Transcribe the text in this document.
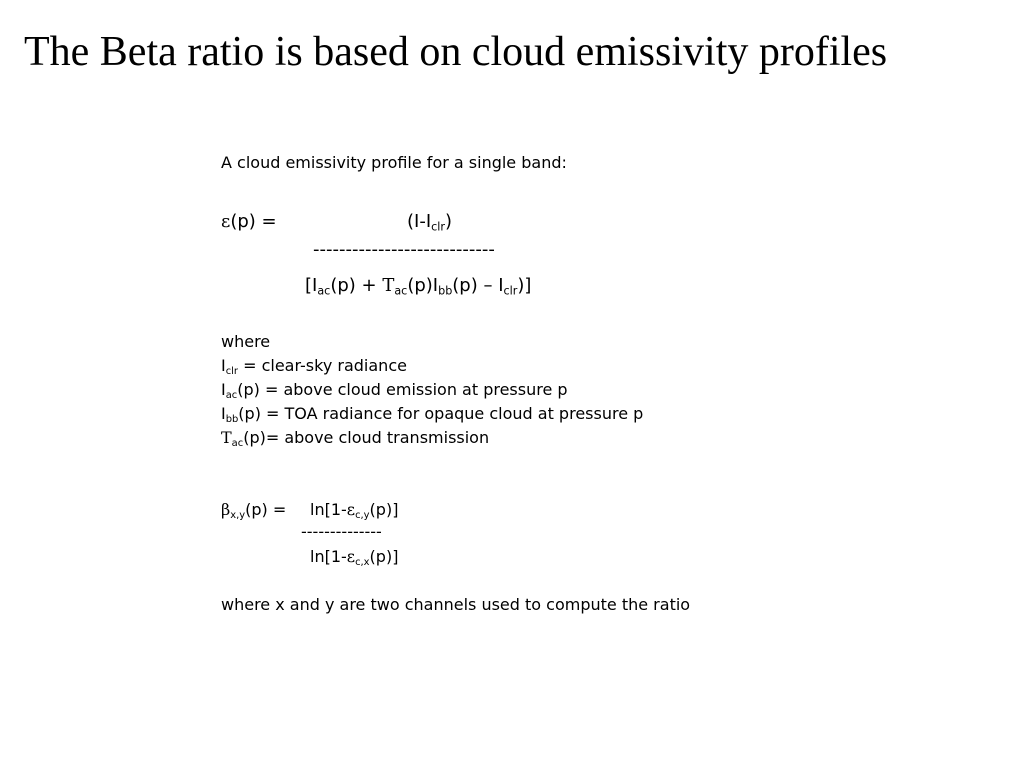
The Beta ratio is based on cloud emissivity profiles
A cloud emissivity profile for a single band:
ε(p) =	$(I-I_{clr})$
----------------------------
$[I_{ac}(p) + T_{ac}(p)I_{bb}(p) - I_{clr})$]
where
$I_{clr}$ = clear-sky radiance
$I_{ac}(p)$ = above cloud emission at pressure p
$I_{bb}(p)$ = TOA radiance for opaque cloud at pressure p
$T_{ac}(p)=$ above cloud transmission
$\beta_{x,y}(p) = \ln[1-\varepsilon_{c,y}(p)]$
--------------
$\ln[1-\varepsilon_{c,x}(p)]$
where x and y are two channels used to compute the ratio
